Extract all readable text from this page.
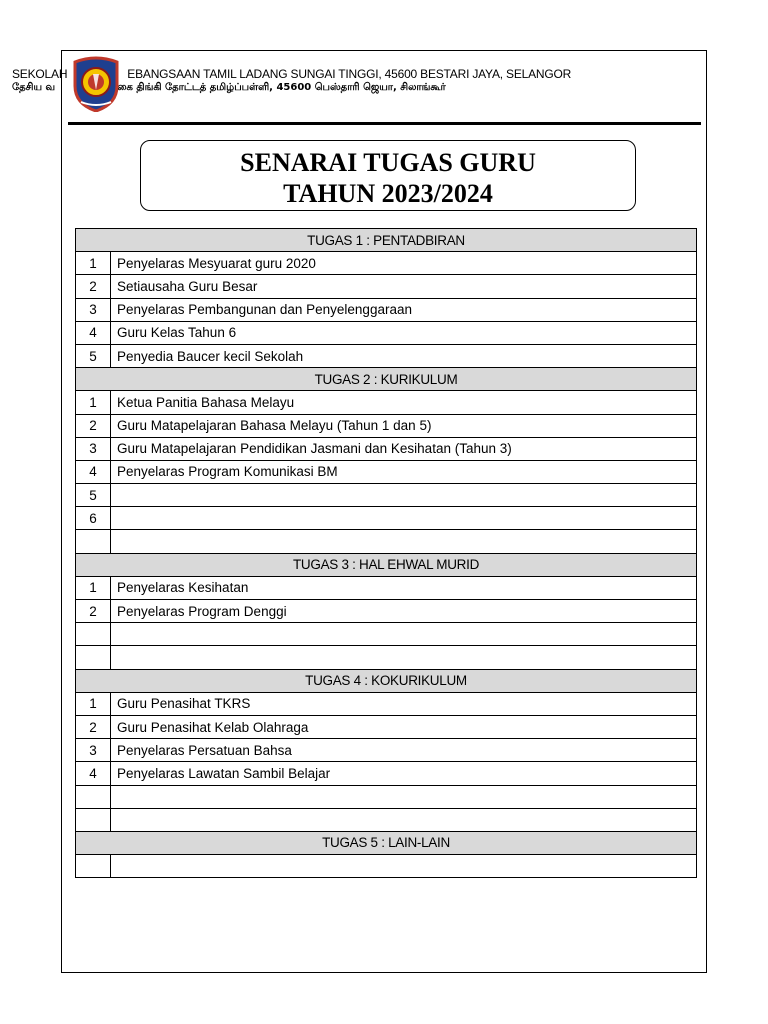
SEKOLAH	EBANGSAAN TAMIL LADANG SUNGAI TINGGI, 45600 BESTARI JAYA, SELANGOR
தேசிய வ	கை திங்கி தோட்டத் தமிழ்ப்பள்ளி, 45600 பெஸ்தாரி ஜெயா, சிலாங்கூர்
SENARAI TUGAS GURU
TAHUN 2023/2024
TUGAS 1 : PENTADBIRAN	
1	Penyelaras Mesyuarat guru 2020
2	Setiausaha Guru Besar
3	Penyelaras Pembangunan dan Penyelenggaraan
4	Guru Kelas Tahun 6
5	Penyedia Baucer kecil Sekolah
TUGAS 2 : KURIKULUM	
1	Ketua Panitia Bahasa Melayu
2	Guru Matapelajaran Bahasa Melayu (Tahun 1 dan 5)
3	Guru Matapelajaran Pendidikan Jasmani dan Kesihatan (Tahun 3)
4	Penyelaras Program Komunikasi BM
5	
6	

TUGAS 3 : HAL EHWAL MURID	
1	Penyelaras Kesihatan
2	Penyelaras Program Denggi

TUGAS 4 : KOKURIKULUM	
1	Guru Penasihat TKRS
2	Guru Penasihat Kelab Olahraga
3	Penyelaras Persatuan Bahsa
4	Penyelaras Lawatan Sambil Belajar

TUGAS 5 : LAIN-LAIN	
